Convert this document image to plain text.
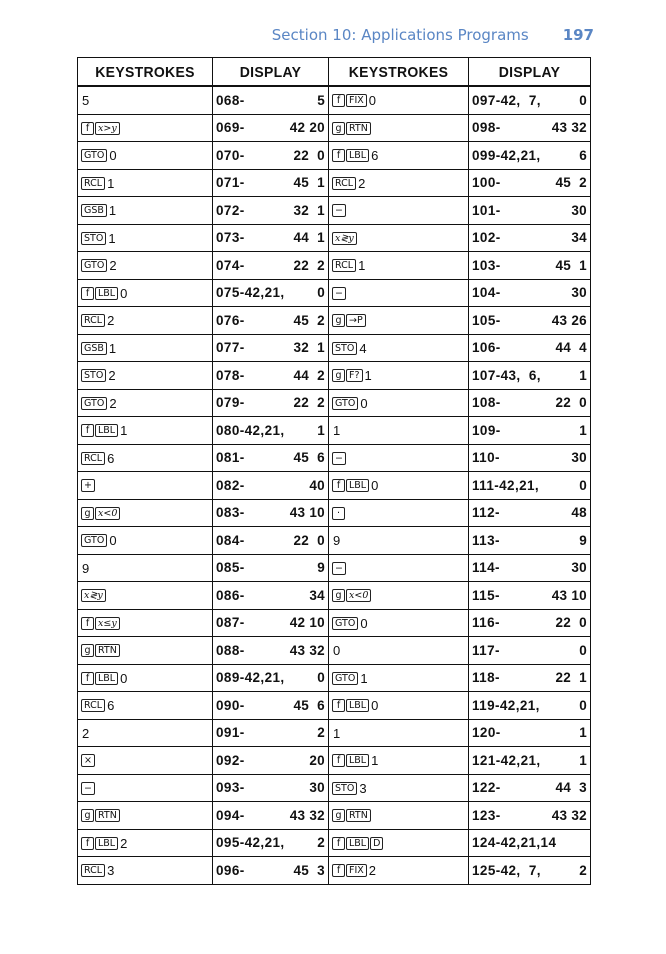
Section 10: Applications Programs 197
KEYSTROKES	DISPLAY	KEYSTROKES	DISPLAY
5	068- 5	f FIX 0	097-42,  7, 0

f x>y	069- 42 20	g RTN	098- 43 32

GTO 0	070- 22  0	f LBL 6	099-42,21, 6

RCL 1	071- 45  1	RCL 2	100- 45  2

GSB 1	072- 32  1	−	101- 30

STO 1	073- 44  1	x≷y	102- 34

GTO 2	074- 22  2	RCL 1	103- 45  1

f LBL 0	075-42,21, 0	−	104- 30

RCL 2	076- 45  2	g →P	105- 43 26

GSB 1	077- 32  1	STO 4	106- 44  4

STO 2	078- 44  2	g F? 1	107-43,  6, 1

GTO 2	079- 22  2	GTO 0	108- 22  0

f LBL 1	080-42,21, 1	1	109- 1

RCL 6	081- 45  6	−	110- 30

+	082- 40	f LBL 0	111-42,21, 0

g x<0	083- 43 10	·	112- 48

GTO 0	084- 22  0	9	113- 9

9	085- 9	−	114- 30

x≷y	086- 34	g x<0	115- 43 10

f x≤y	087- 42 10	GTO 0	116- 22  0

g RTN	088- 43 32	0	117- 0

f LBL 0	089-42,21, 0	GTO 1	118- 22  1

RCL 6	090- 45  6	f LBL 0	119-42,21, 0

2	091- 2	1	120- 1

×	092- 20	f LBL 1	121-42,21, 1

−	093- 30	STO 3	122- 44  3

g RTN	094- 43 32	g RTN	123- 43 32

f LBL 2	095-42,21, 2	f LBL D	124-42,21,14

RCL 3	096- 45  3	f FIX 2	125-42,  7, 2
